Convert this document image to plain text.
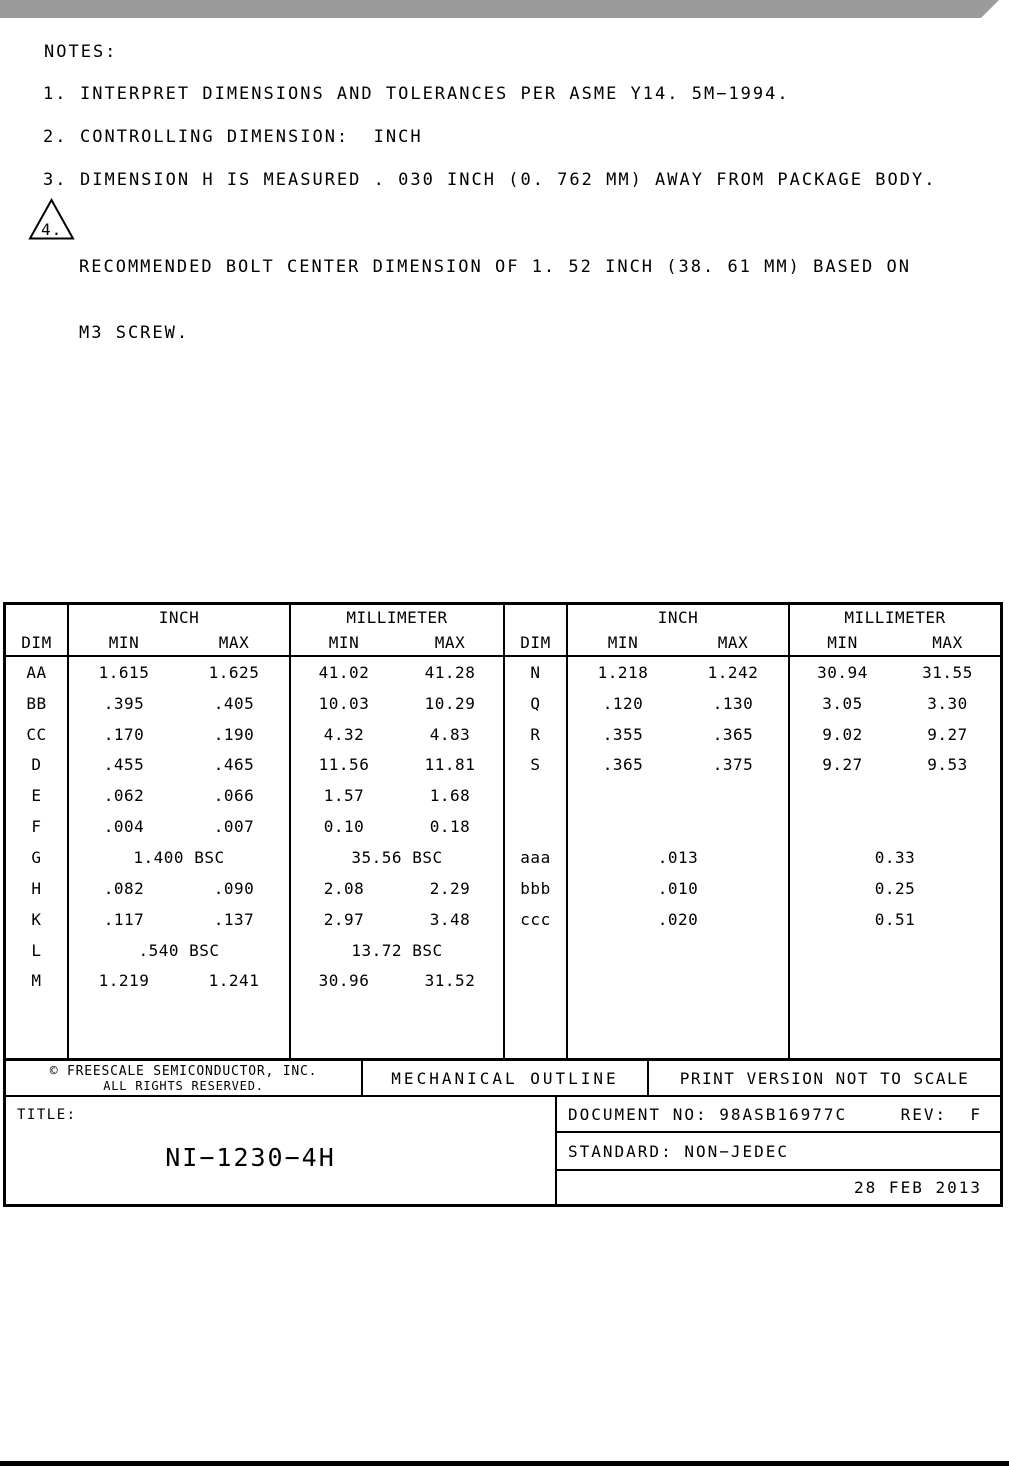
NOTES:
1. INTERPRET DIMENSIONS AND TOLERANCES PER ASME Y14. 5M−1994.
2. CONTROLLING DIMENSION:  INCH
3. DIMENSION H IS MEASURED . 030 INCH (0. 762 MM) AWAY FROM PACKAGE BODY.
4.

RECOMMENDED BOLT CENTER DIMENSION OF 1. 52 INCH (38. 61 MM) BASED ON

M3 SCREW.

INCH	MILLIMETER
DIM	MIN	MAX	MIN	MAX
AA	1.615	1.625	41.02	41.28
BB	.395	.405	10.03	10.29
CC	.170	.190	4.32	4.83
D	.455	.465	11.56	11.81
E	.062	.066	1.57	1.68
F	.004	.007	0.10	0.18
G	1.400 BSC	35.56 BSC
H	.082	.090	2.08	2.29
K	.117	.137	2.97	3.48
L	.540 BSC	13.72 BSC
M	1.219	1.241	30.96	31.52
INCH	MILLIMETER
DIM	MIN	MAX	MIN	MAX
N	1.218	1.242	30.94	31.55
Q	.120	.130	3.05	3.30
R	.355	.365	9.02	9.27
S	.365	.375	9.27	9.53
aaa	.013	0.33
bbb	.010	0.25
ccc	.020	0.51
© FREESCALE SEMICONDUCTOR, INC.
ALL RIGHTS RESERVED.	MECHANICAL OUTLINE	PRINT VERSION NOT TO SCALE
TITLE:
NI−1230−4H
DOCUMENT NO: 98ASB16977C	REV:  F
STANDARD: NON−JEDEC
28 FEB 2013
